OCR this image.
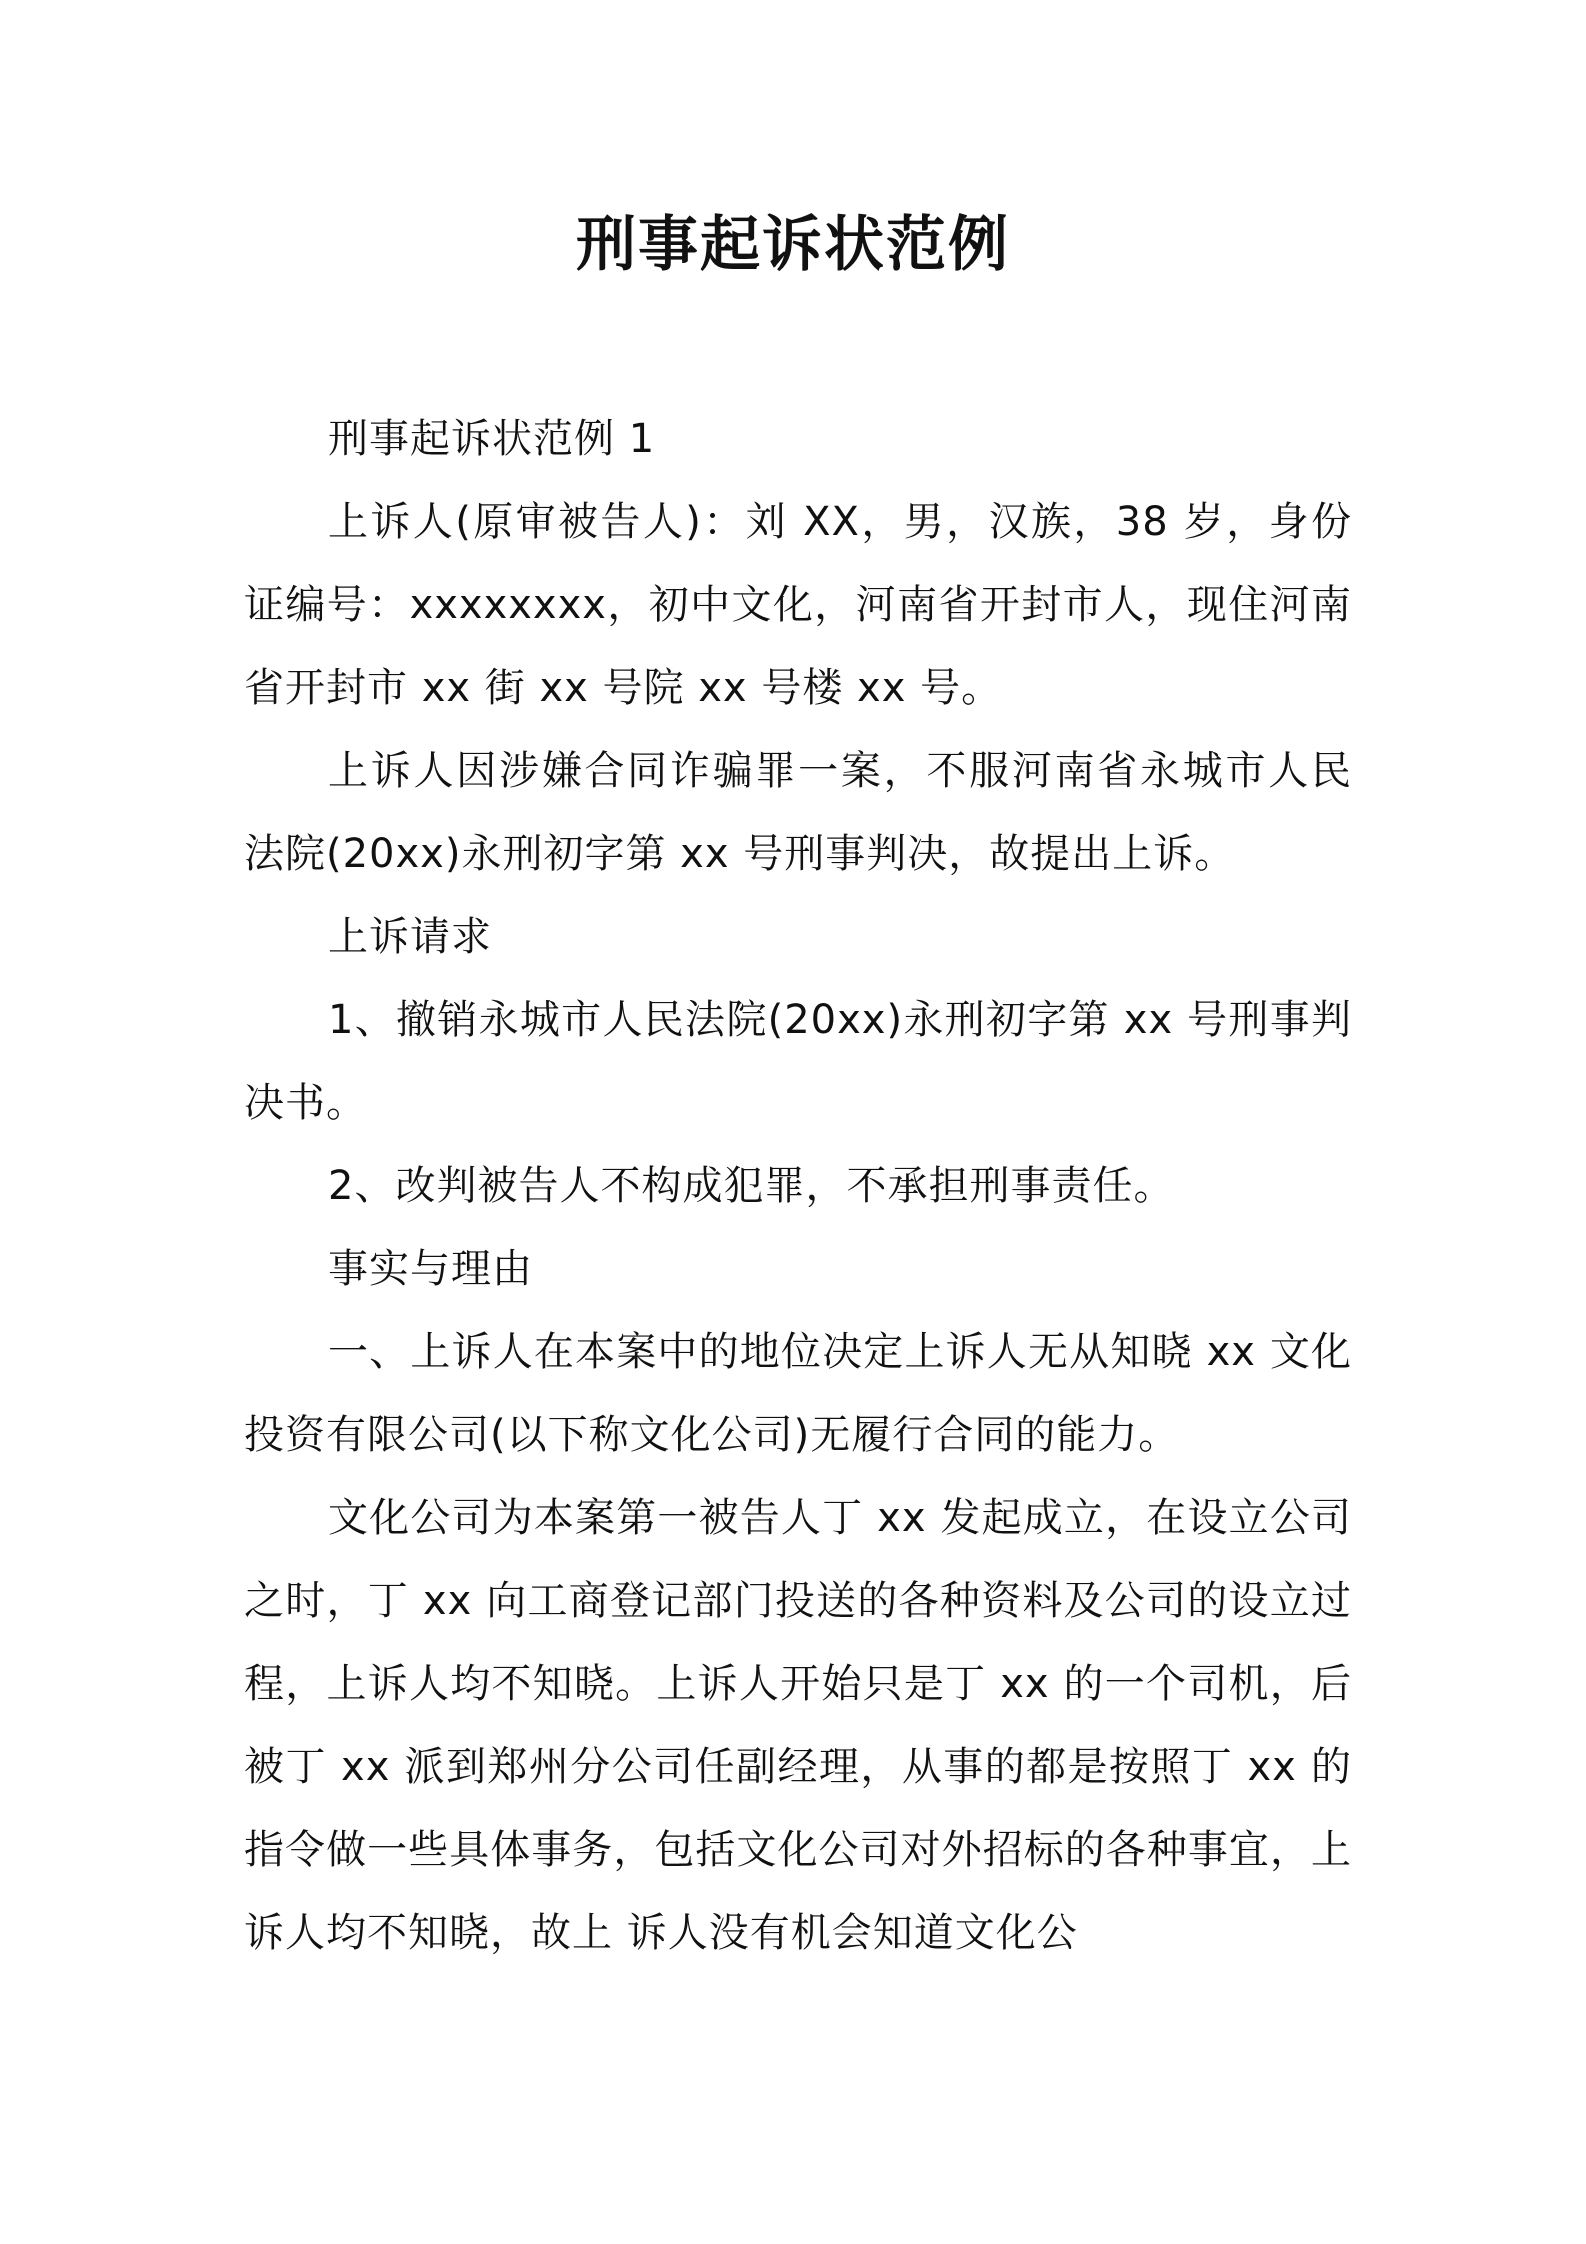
刑事起诉状范例

刑事起诉状范例 1

上诉人(原审被告人)：刘 XX，男，汉族，38 岁，身份证编号：xxxxxxxx，初中文化，河南省开封市人，现住河南省开封市 xx 街 xx 号院 xx 号楼 xx 号。

上诉人因涉嫌合同诈骗罪一案，不服河南省永城市人民法院(20xx)永刑初字第 xx 号刑事判决，故提出上诉。

上诉请求

1、撤销永城市人民法院(20xx)永刑初字第 xx 号刑事判决书。

2、改判被告人不构成犯罪，不承担刑事责任。

事实与理由

一、上诉人在本案中的地位决定上诉人无从知晓 xx 文化投资有限公司(以下称文化公司)无履行合同的能力。

文化公司为本案第一被告人丁 xx 发起成立，在设立公司之时，丁 xx 向工商登记部门投送的各种资料及公司的设立过程，上诉人均不知晓。上诉人开始只是丁 xx 的一个司机，后被丁 xx 派到郑州分公司任副经理，从事的都是按照丁 xx 的指令做一些具体事务，包括文化公司对外招标的各种事宜，上诉人均不知晓，故上 诉人没有机会知道文化公
